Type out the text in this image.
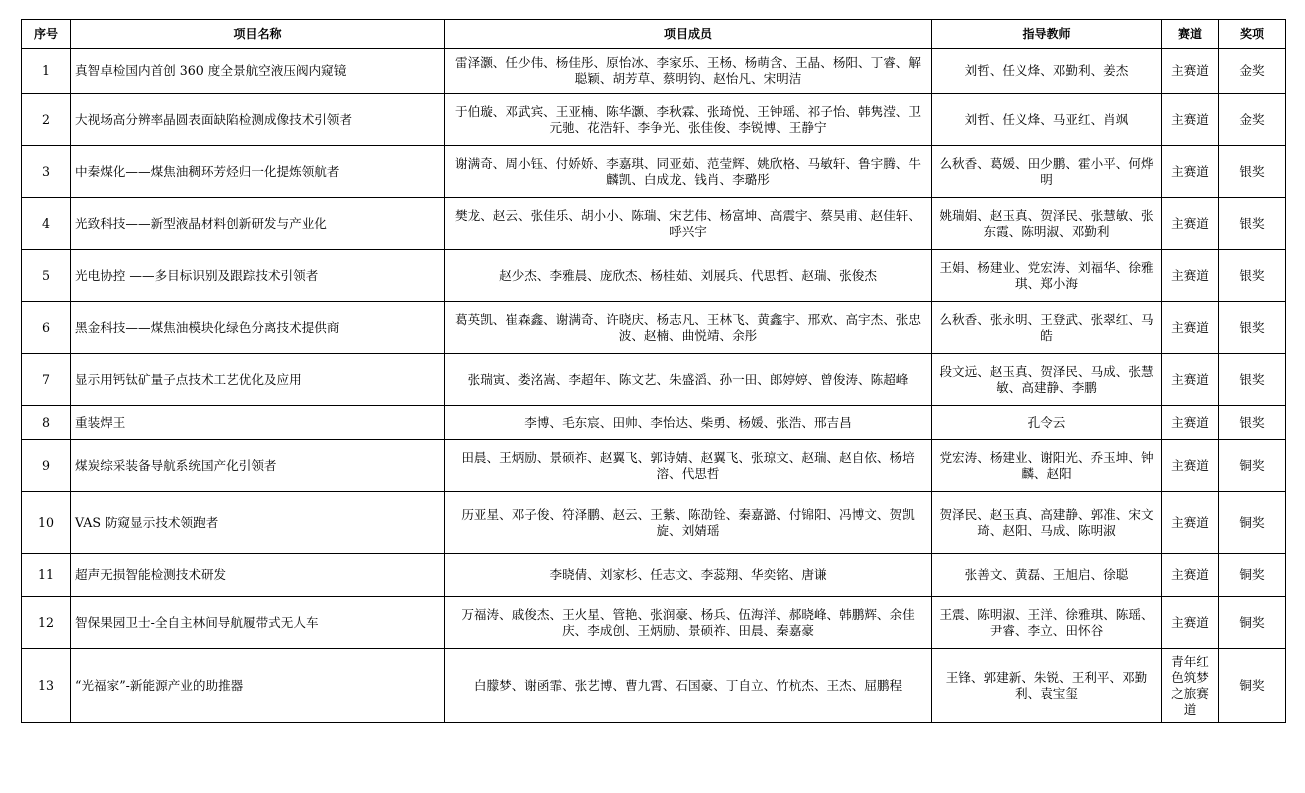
序号	项目名称	项目成员	指导教师	赛道	奖项
1	真智卓检国内首创 360 度全景航空液压阀内窥镜	雷泽灏、任少伟、杨佳彤、原怡冰、李家乐、王杨、杨萌含、王晶、杨阳、丁睿、解聪颖、胡芳草、蔡明钧、赵怡凡、宋明洁	刘哲、任义烽、邓勤利、姜杰	主赛道	金奖
2	大视场高分辨率晶圆表面缺陷检测成像技术引领者	于伯璇、邓武宾、王亚楠、陈华灏、李秋霖、张琦悦、王钟瑶、祁子怡、韩隽滢、卫元驰、花浩轩、李争光、张佳俊、李锐博、王静宁	刘哲、任义烽、马亚红、肖飒	主赛道	金奖
3	中秦煤化——煤焦油稠环芳烃归一化提炼领航者	谢满奇、周小钰、付娇娇、李嘉琪、同亚茹、范莹辉、姚欣格、马敏轩、鲁宇腾、牛麟凯、白成龙、钱肖、李璐彤	么秋香、葛媛、田少鹏、霍小平、何烨明	主赛道	银奖
4	光致科技——新型液晶材料创新研发与产业化	樊龙、赵云、张佳乐、胡小小、陈瑞、宋艺伟、杨富坤、高震宇、蔡昊甫、赵佳轩、呼兴宇	姚瑞娟、赵玉真、贺泽民、张慧敏、张东霞、陈明淑、邓勤利	主赛道	银奖
5	光电协控 ——多目标识别及跟踪技术引领者	赵少杰、李雅晨、庞欣杰、杨桂茹、刘展兵、代思哲、赵瑞、张俊杰	王娟、杨建业、党宏涛、刘福华、徐雅琪、郑小海	主赛道	银奖
6	黑金科技——煤焦油模块化绿色分离技术提供商	葛英凯、崔森鑫、谢满奇、许晓庆、杨志凡、王林飞、黄鑫宇、邢欢、高宇杰、张忠波、赵楠、曲悦靖、余彤	么秋香、张永明、王登武、张翠红、马皓	主赛道	银奖
7	显示用钙钛矿量子点技术工艺优化及应用	张瑞寅、娄洺嵩、李超年、陈文艺、朱盛滔、孙一田、郎婷婷、曾俊涛、陈超峰	段文远、赵玉真、贺泽民、马成、张慧敏、高建静、李鹏	主赛道	银奖
8	重装焊王	李博、毛东宸、田帅、李怡达、柴勇、杨媛、张浩、邢吉昌	孔令云	主赛道	银奖
9	煤炭综采装备导航系统国产化引领者	田晨、王炳励、景硕祚、赵翼飞、郭诗婧、赵翼飞、张琼文、赵瑞、赵自依、杨培溶、代思哲	党宏涛、杨建业、谢阳光、乔玉坤、钟麟、赵阳	主赛道	铜奖
10	VAS 防窥显示技术领跑者	历亚星、邓子俊、符泽鹏、赵云、王紫、陈劭铨、秦嘉潞、付锦阳、冯博文、贺凯旋、刘婧瑶	贺泽民、赵玉真、高建静、郭准、宋文琦、赵阳、马成、陈明淑	主赛道	铜奖
11	超声无损智能检测技术研发	李晓倩、刘家杉、任志文、李蕊翔、华奕铭、唐谦	张善文、黄磊、王旭启、徐聪	主赛道	铜奖
12	智保果园卫士-全自主林间导航履带式无人车	万福涛、戚俊杰、王火星、管艳、张润豪、杨兵、伍海洋、郝晓峰、韩鹏辉、余佳庆、李成创、王炳励、景硕祚、田晨、秦嘉豪	王震、陈明淑、王洋、徐雅琪、陈瑶、尹睿、李立、田怀谷	主赛道	铜奖
13	“光福家”-新能源产业的助推器	白朦梦、谢函霏、张艺博、曹九霄、石国豪、丁自立、竹杭杰、王杰、屈鹏程	王锋、郭建新、朱锐、王利平、邓勤利、袁宝玺	青年红色筑梦之旅赛道	铜奖
